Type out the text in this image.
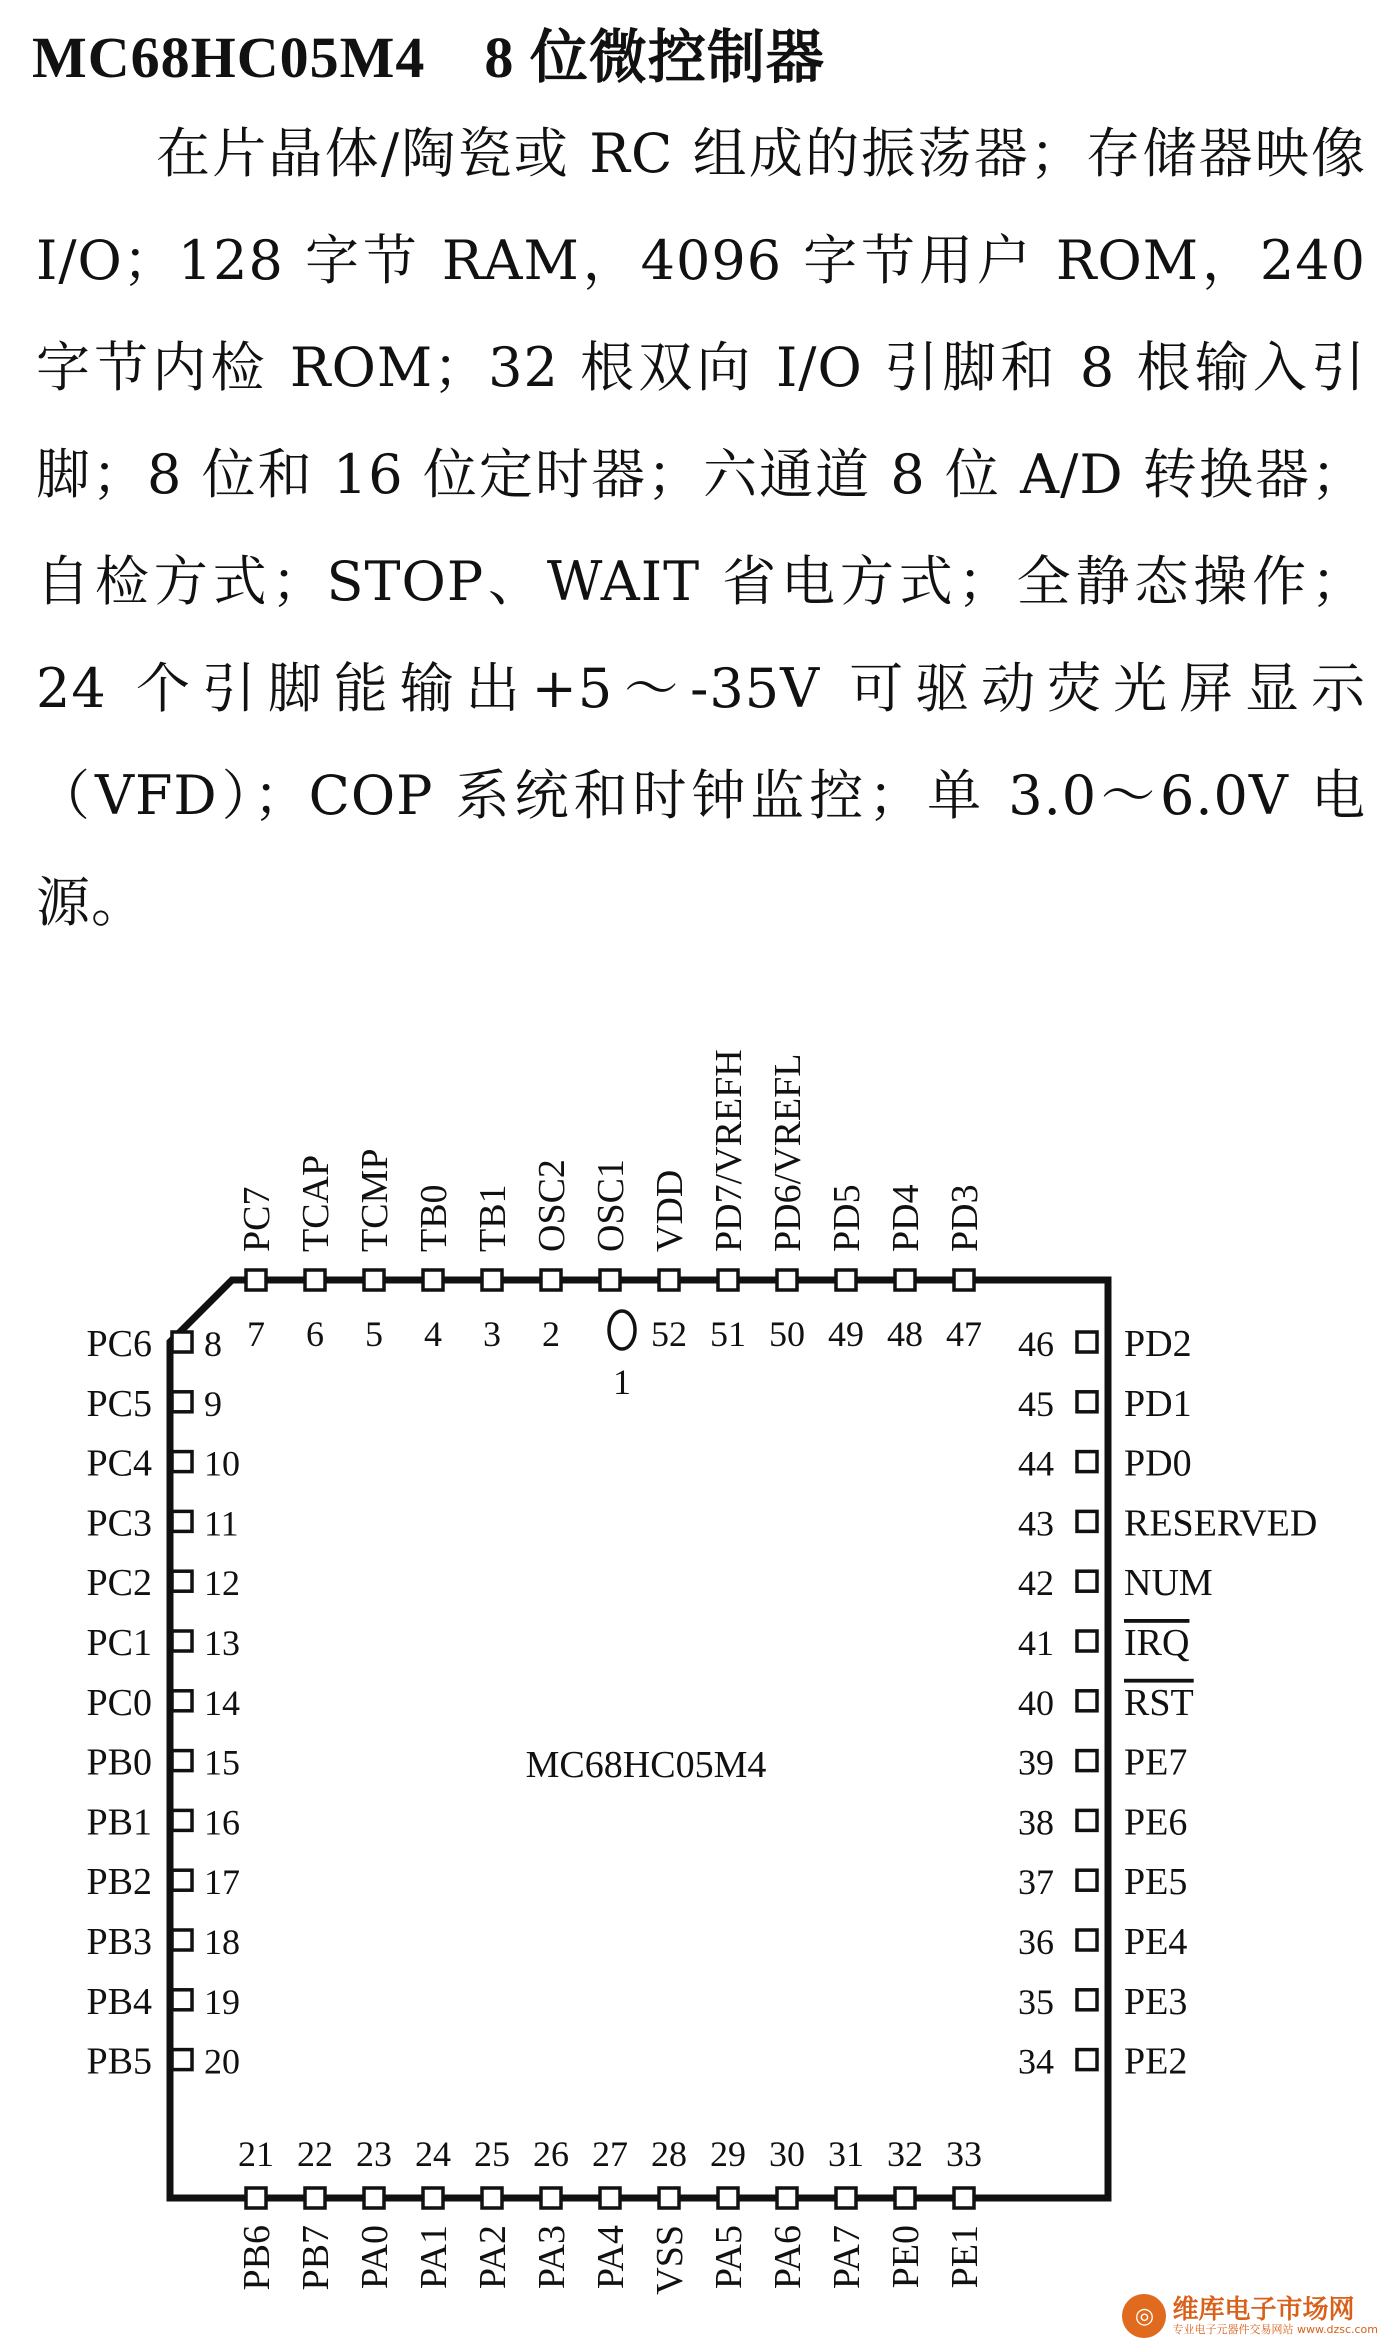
MC68HC05M4　8 位微控制器
在片晶体/陶瓷或 RC 组成的振荡器；存储器映像 I/O；128 字节 RAM，4096 字节用户 ROM，240 字节内检 ROM；32 根双向 I/O 引脚和 8 根输入引脚；8 位和 16 位定时器；六通道 8 位 A/D 转换器；自检方式；STOP、WAIT 省电方式；全静态操作；24 个引脚能输出+5～-35V 可驱动荧光屏显示（VFD）；COP 系统和时钟监控；单 3.0～6.0V 电源。
MC68HC05M4
1
7
PC7
6
TCAP
5
TCMP
4
TB0
3
TB1
2
OSC2 OSC1
52
VDD
51
PD7/VREFH
50
PD6/VREFL
49
PD5
48
PD4
47
PD3
21
PB6
22
PB7
23
PA0
24
PA1
25
PA2
26
PA3
27
PA4
28
VSS
29
PA5
30
PA6
31
PA7
32
PE0
33
PE1
8
PC6
9
PC5
10
PC4
11
PC3
12
PC2
13
PC1
14
PC0
15
PB0
16
PB1
17
PB2
18
PB3
19
PB4
20
PB5
46 PD2
45 PD1
44 PD0
43 RESERVED
42 NUM
41 IRQ
40 RST
39 PE7
38 PE6
37 PE5
36 PE4
35 PE3
34 PE2
◎ 维库电子市场网
专业电子元器件交易网站 www.dzsc.com
